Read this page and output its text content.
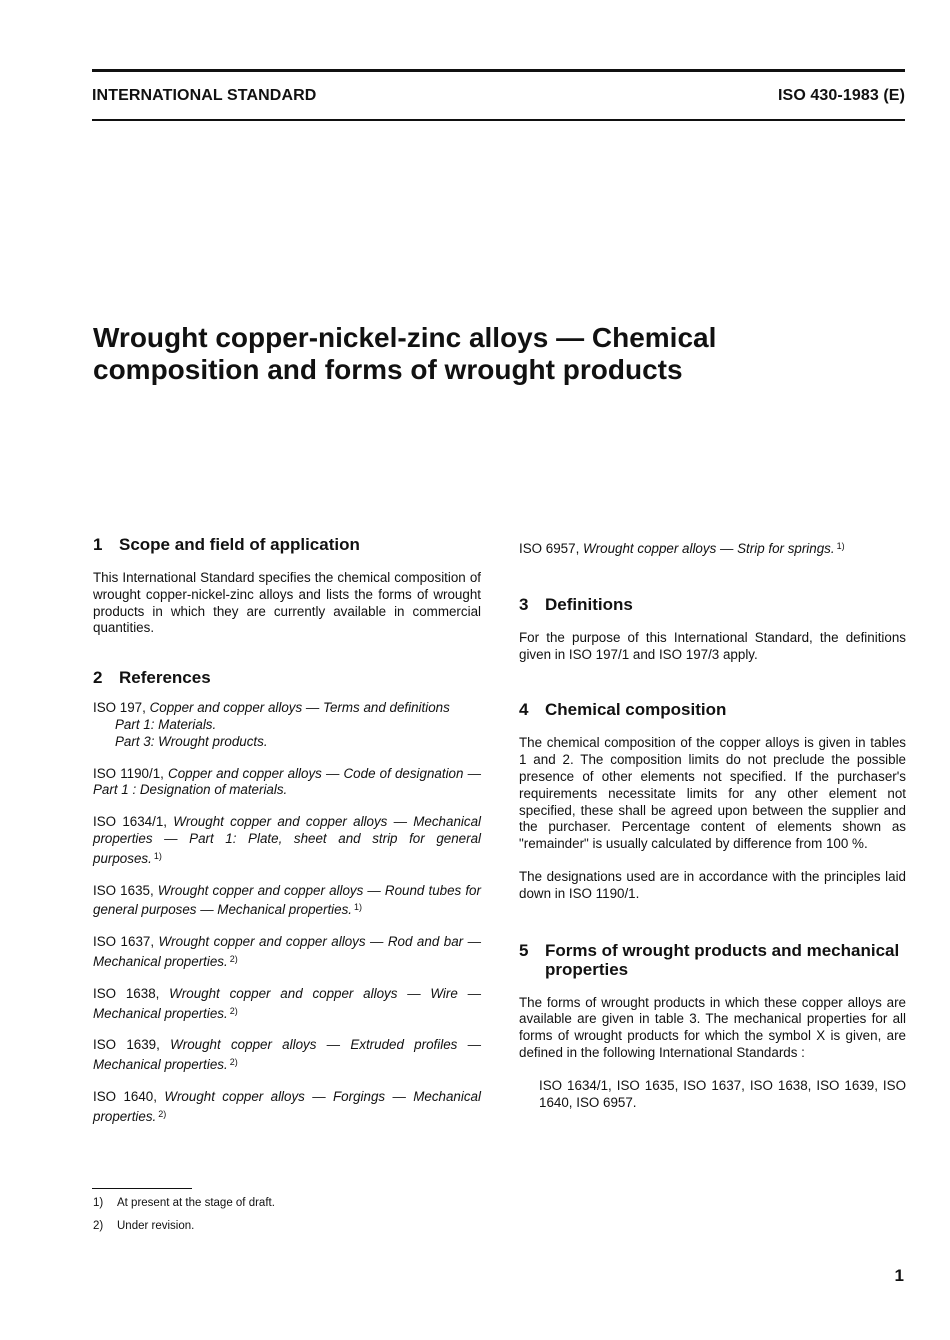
INTERNATIONAL STANDARD	ISO 430-1983 (E)
Wrought copper-nickel-zinc alloys — Chemical
composition and forms of wrought products
1 Scope and field of application

This International Standard specifies the chemical composition of wrought copper-nickel-zinc alloys and lists the forms of wrought products in which they are currently available in commercial quantities.

2 References
ISO 197, Copper and copper alloys — Terms and definitions
Part 1: Materials.
Part 3: Wrought products.
ISO 1190/1, Copper and copper alloys — Code of designation — Part 1 : Designation of materials.
ISO 1634/1, Wrought copper and copper alloys — Mechanical properties — Part 1: Plate, sheet and strip for general purposes. $^{1)}$
ISO 1635, Wrought copper and copper alloys — Round tubes for general purposes — Mechanical properties. $^{1)}$
ISO 1637, Wrought copper and copper alloys — Rod and bar — Mechanical properties. $^{2)}$
ISO 1638, Wrought copper and copper alloys — Wire — Mechanical properties. $^{2)}$
ISO 1639, Wrought copper alloys — Extruded profiles — Mechanical properties. $^{2)}$
ISO 1640, Wrought copper alloys — Forgings — Mechanical properties. $^{2)}$
ISO 6957, Wrought copper alloys — Strip for springs. $^{1)}$
3 Definitions

For the purpose of this International Standard, the definitions given in ISO 197/1 and ISO 197/3 apply.

4 Chemical composition

The chemical composition of the copper alloys is given in tables 1 and 2. The composition limits do not preclude the possible presence of other elements not specified. If the purchaser's requirements necessitate limits for any other element not specified, these shall be agreed upon between the supplier and the purchaser. Percentage content of elements shown as "remainder" is usually calculated by difference from 100 %.

The designations used are in accordance with the principles laid down in ISO 1190/1.

5 Forms of wrought products and mechanical properties

The forms of wrought products in which these copper alloys are available are given in table 3. The mechanical properties for all forms of wrought products for which the symbol X is given, are defined in the following International Standards :

ISO 1634/1, ISO 1635, ISO 1637, ISO 1638, ISO 1639, ISO 1640, ISO 6957.

1) At present at the stage of draft.
2) Under revision.
1
